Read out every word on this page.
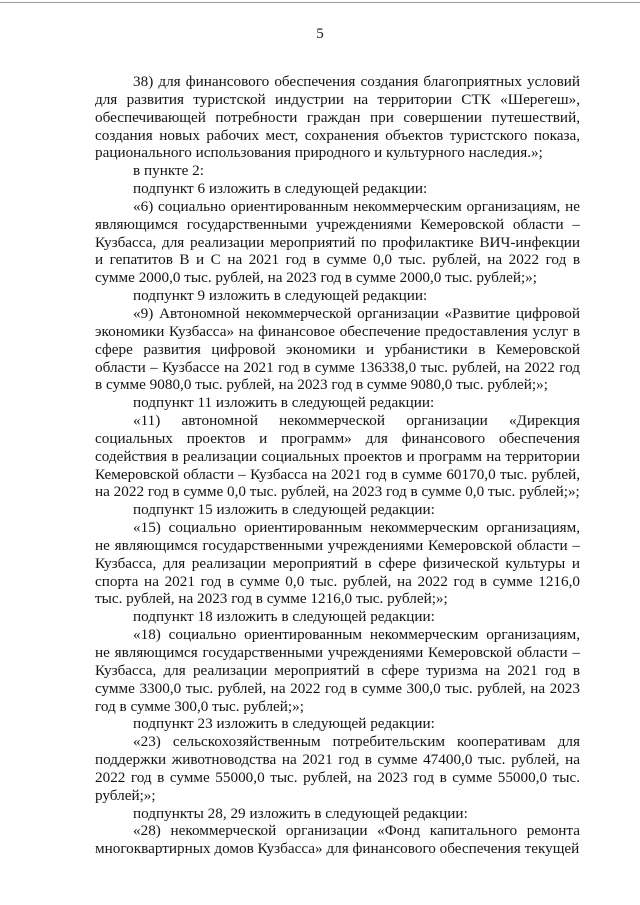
5

38) для финансового обеспечения создания благоприятных условий для развития туристской индустрии на территории СТК «Шерегеш», обеспечивающей потребности граждан при совершении путешествий, создания новых рабочих мест, сохранения объектов туристского показа, рационального использования природного и культурного наследия.»;

в пункте 2:

подпункт 6 изложить в следующей редакции:

«6) социально ориентированным некоммерческим организациям, не являющимся государственными учреждениями Кемеровской области – Кузбасса, для реализации мероприятий по профилактике ВИЧ-инфекции и гепатитов В и С на 2021 год в сумме 0,0 тыс. рублей, на 2022 год в сумме 2000,0 тыс. рублей, на 2023 год в сумме 2000,0 тыс. рублей;»;

подпункт 9 изложить в следующей редакции:

«9) Автономной некоммерческой организации «Развитие цифровой экономики Кузбасса» на финансовое обеспечение предоставления услуг в сфере развития цифровой экономики и урбанистики в Кемеровской области – Кузбассе на 2021 год в сумме 136338,0 тыс. рублей, на 2022 год в сумме 9080,0 тыс. рублей, на 2023 год в сумме 9080,0 тыс. рублей;»;

подпункт 11 изложить в следующей редакции:

«11) автономной некоммерческой организации «Дирекция социальных проектов и программ» для финансового обеспечения содействия в реализации социальных проектов и программ на территории Кемеровской области – Кузбасса на 2021 год в сумме 60170,0 тыс. рублей, на 2022 год в сумме 0,0 тыс. рублей, на 2023 год в сумме 0,0 тыс. рублей;»;

подпункт 15 изложить в следующей редакции:

«15) социально ориентированным некоммерческим организациям, не являющимся государственными учреждениями Кемеровской области – Кузбасса, для реализации мероприятий в сфере физической культуры и спорта на 2021 год в сумме 0,0 тыс. рублей, на 2022 год в сумме 1216,0 тыс. рублей, на 2023 год в сумме 1216,0 тыс. рублей;»;

подпункт 18 изложить в следующей редакции:

«18) социально ориентированным некоммерческим организациям, не являющимся государственными учреждениями Кемеровской области – Кузбасса, для реализации мероприятий в сфере туризма на 2021 год в сумме 3300,0 тыс. рублей, на 2022 год в сумме 300,0 тыс. рублей, на 2023 год в сумме 300,0 тыс. рублей;»;

подпункт 23 изложить в следующей редакции:

«23) сельскохозяйственным потребительским кооперативам для поддержки животноводства на 2021 год в сумме 47400,0 тыс. рублей, на 2022 год в сумме 55000,0 тыс. рублей, на 2023 год в сумме 55000,0 тыс. рублей;»;

подпункты 28, 29 изложить в следующей редакции:

«28) некоммерческой организации «Фонд капитального ремонта многоквартирных домов Кузбасса» для финансового обеспечения текущей
